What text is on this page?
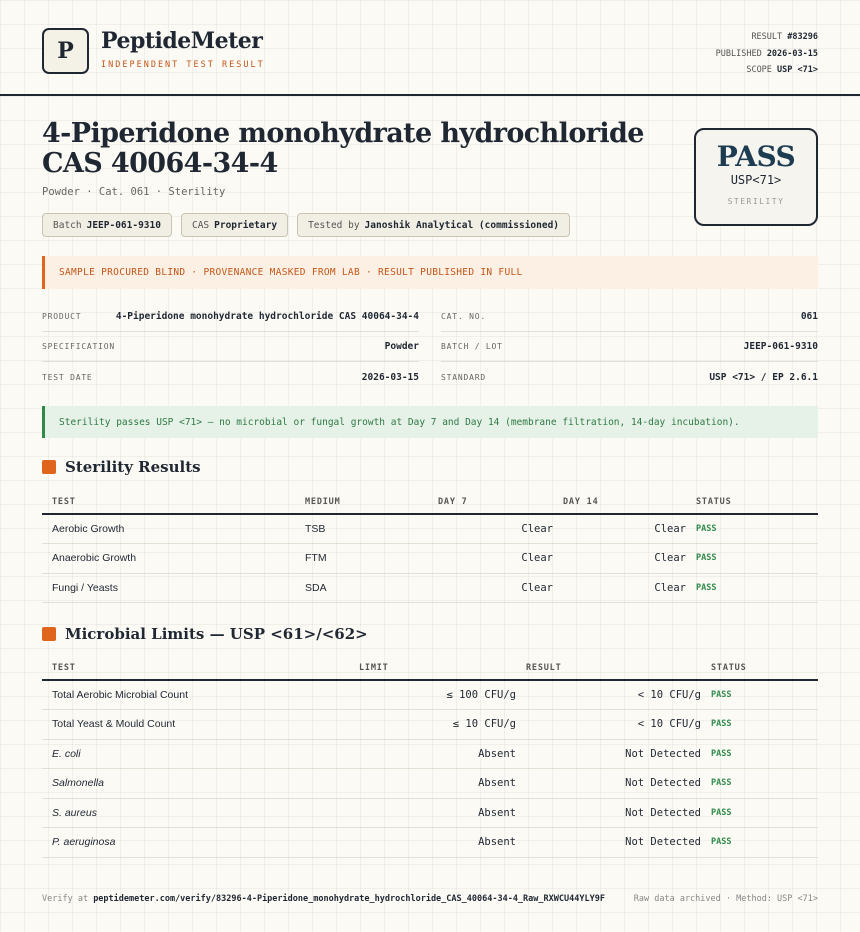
P	PeptideMeter
INDEPENDENT TEST RESULT
RESULT #83296
PUBLISHED 2026-03-15
SCOPE USP <71>
4-Piperidone monohydrate hydrochloride CAS 40064-34-4
Powder · Cat. 061 · Sterility
Batch JEEP-061-9310	CAS Proprietary	Tested by Janoshik Analytical (commissioned)
PASS
USP<71>
STERILITY
SAMPLE PROCURED BLIND · PROVENANCE MASKED FROM LAB · RESULT PUBLISHED IN FULL
PRODUCT	4-Piperidone monohydrate hydrochloride CAS 40064-34-4
SPECIFICATION	Powder
TEST DATE	2026-03-15
CAT. NO.	061
BATCH / LOT	JEEP-061-9310
STANDARD	USP <71> / EP 2.6.1
Sterility passes USP <71> — no microbial or fungal growth at Day 7 and Day 14 (membrane filtration, 14-day incubation).
Sterility Results
TEST	MEDIUM	DAY 7	DAY 14	STATUS
Aerobic Growth	TSB	Clear	Clear	PASS
Anaerobic Growth	FTM	Clear	Clear	PASS
Fungi / Yeasts	SDA	Clear	Clear	PASS
Microbial Limits — USP <61>/<62>
TEST	LIMIT	RESULT	STATUS
Total Aerobic Microbial Count	≤ 100 CFU/g	< 10 CFU/g	PASS
Total Yeast & Mould Count	≤ 10 CFU/g	< 10 CFU/g	PASS
E. coli	Absent	Not Detected	PASS
Salmonella	Absent	Not Detected	PASS
S. aureus	Absent	Not Detected	PASS
P. aeruginosa	Absent	Not Detected	PASS
Verify at peptidemeter.com/verify/83296-4-Piperidone_monohydrate_hydrochloride_CAS_40064-34-4_Raw_RXWCU44YLY9F	Raw data archived · Method: USP <71>
